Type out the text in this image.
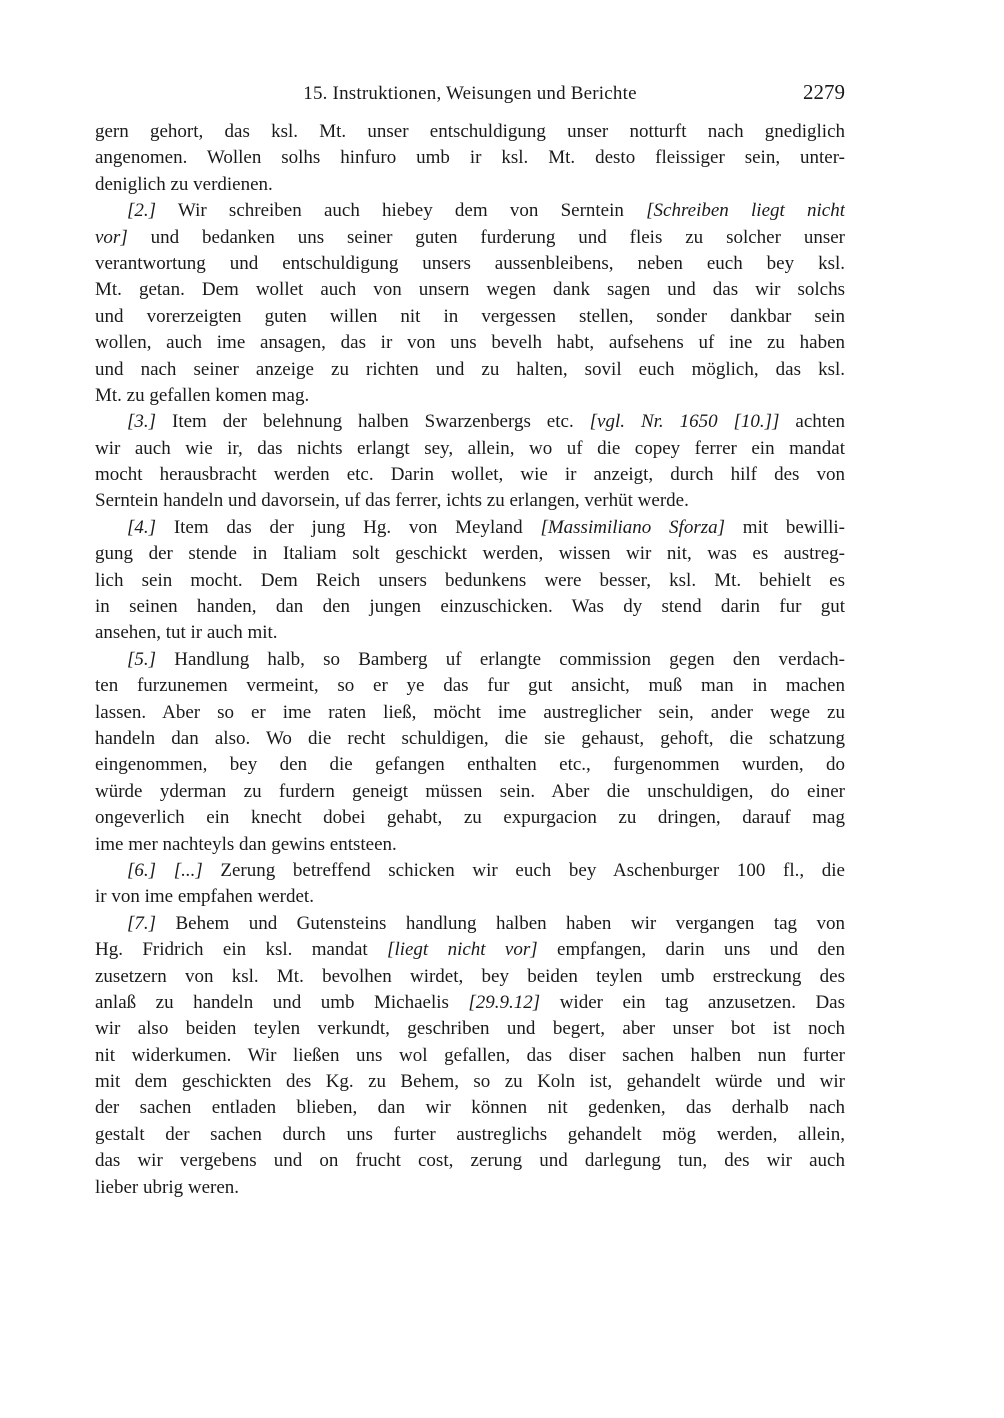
15. Instruktionen, Weisungen und Berichte	2279
gern gehort, das ksl. Mt. unser entschuldigung unser notturft nach gnediglich
angenomen. Wollen solhs hinfuro umb ir ksl. Mt. desto fleissiger sein, unter-
deniglich zu verdienen.
[2.] Wir schreiben auch hiebey dem von Serntein [Schreiben liegt nicht
vor] und bedanken uns seiner guten furderung und fleis zu solcher unser
verantwortung und entschuldigung unsers aussenbleibens, neben euch bey ksl.
Mt. getan. Dem wollet auch von unsern wegen dank sagen und das wir solchs
und vorerzeigten guten willen nit in vergessen stellen, sonder dankbar sein
wollen, auch ime ansagen, das ir von uns bevelh habt, aufsehens uf ine zu haben
und nach seiner anzeige zu richten und zu halten, sovil euch möglich, das ksl.
Mt. zu gefallen komen mag.
[3.] Item der belehnung halben Swarzenbergs etc. [vgl. Nr. 1650 [10.]] achten
wir auch wie ir, das nichts erlangt sey, allein, wo uf die copey ferrer ein mandat
mocht herausbracht werden etc. Darin wollet, wie ir anzeigt, durch hilf des von
Serntein handeln und davorsein, uf das ferrer, ichts zu erlangen, verhüt werde.
[4.] Item das der jung Hg. von Meyland [Massimiliano Sforza] mit bewilli-
gung der stende in Italiam solt geschickt werden, wissen wir nit, was es austreg-
lich sein mocht. Dem Reich unsers bedunkens were besser, ksl. Mt. behielt es
in seinen handen, dan den jungen einzuschicken. Was dy stend darin fur gut
ansehen, tut ir auch mit.
[5.] Handlung halb, so Bamberg uf erlangte commission gegen den verdach-
ten furzunemen vermeint, so er ye das fur gut ansicht, muß man in machen
lassen. Aber so er ime raten ließ, möcht ime austreglicher sein, ander wege zu
handeln dan also. Wo die recht schuldigen, die sie gehaust, gehoft, die schatzung
eingenommen, bey den die gefangen enthalten etc., furgenommen wurden, do
würde yderman zu furdern geneigt müssen sein. Aber die unschuldigen, do einer
ongeverlich ein knecht dobei gehabt, zu expurgacion zu dringen, darauf mag
ime mer nachteyls dan gewins entsteen.
[6.] [...] Zerung betreffend schicken wir euch bey Aschenburger 100 fl., die
ir von ime empfahen werdet.
[7.] Behem und Gutensteins handlung halben haben wir vergangen tag von
Hg. Fridrich ein ksl. mandat [liegt nicht vor] empfangen, darin uns und den
zusetzern von ksl. Mt. bevolhen wirdet, bey beiden teylen umb erstreckung des
anlaß zu handeln und umb Michaelis [29.9.12] wider ein tag anzusetzen. Das
wir also beiden teylen verkundt, geschriben und begert, aber unser bot ist noch
nit widerkumen. Wir ließen uns wol gefallen, das diser sachen halben nun furter
mit dem geschickten des Kg. zu Behem, so zu Koln ist, gehandelt würde und wir
der sachen entladen blieben, dan wir können nit gedenken, das derhalb nach
gestalt der sachen durch uns furter austreglichs gehandelt mög werden, allein,
das wir vergebens und on frucht cost, zerung und darlegung tun, des wir auch
lieber ubrig weren.
